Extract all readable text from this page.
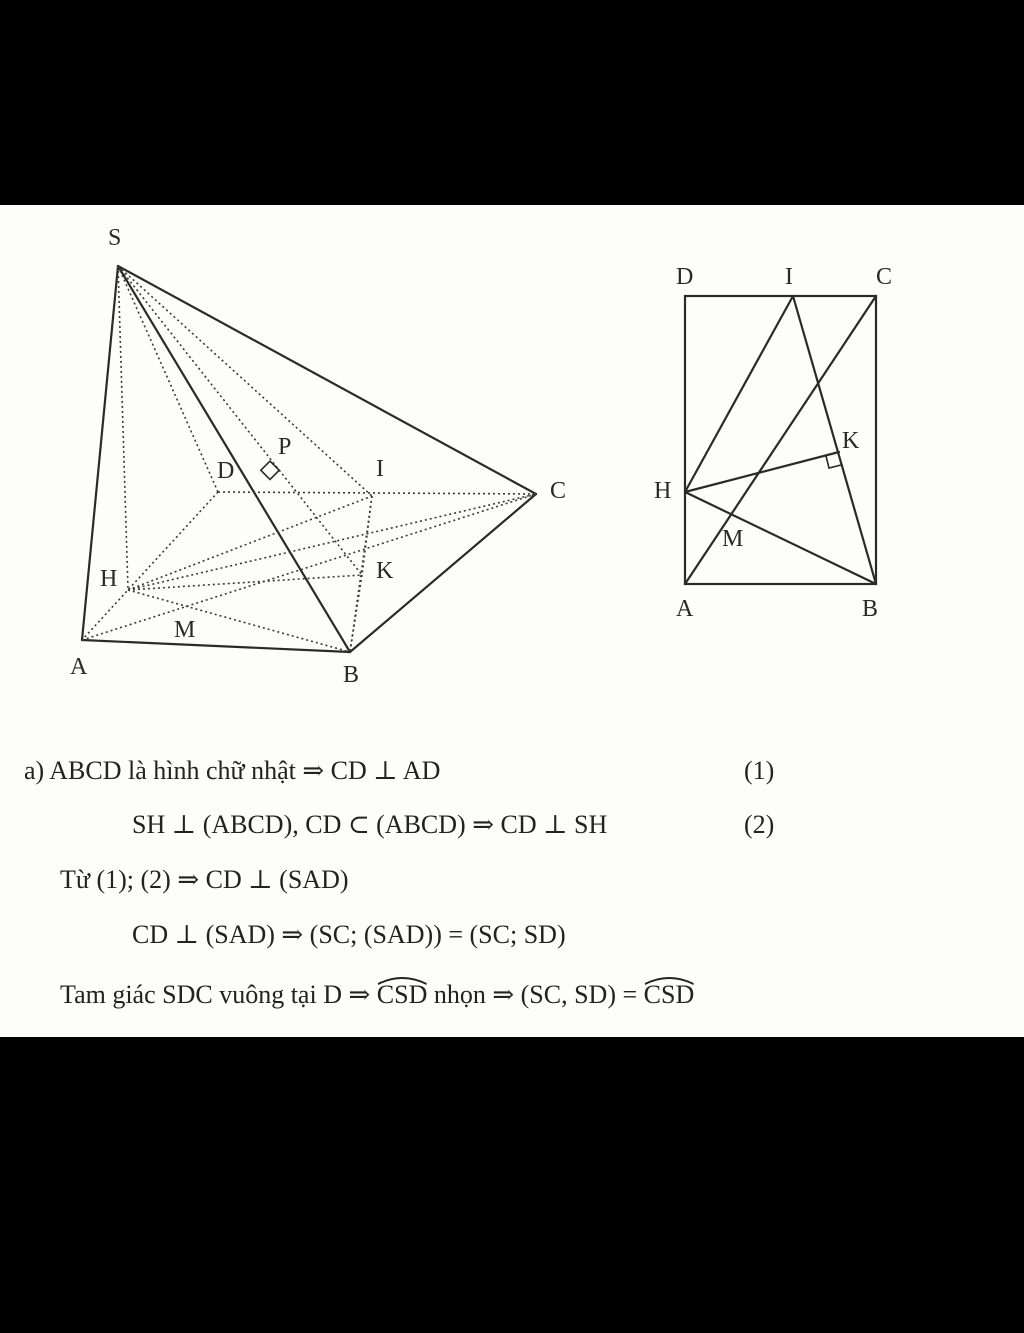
S
D
P
I
C
H	K
M
A	B
D	I	C
H
K
M
A	B
a) ABCD là hình chữ nhật ⇒ CD ⊥ AD	(1)
SH ⊥ (ABCD), CD ⊂ (ABCD) ⇒ CD ⊥ SH	(2)
Từ (1); (2) ⇒ CD ⊥ (SAD)
CD ⊥ (SAD) ⇒ (SC; (SAD)) = (SC; SD)
Tam giác SDC vuông tại D ⇒ CSD nhọn ⇒ (SC, SD) = CSD
